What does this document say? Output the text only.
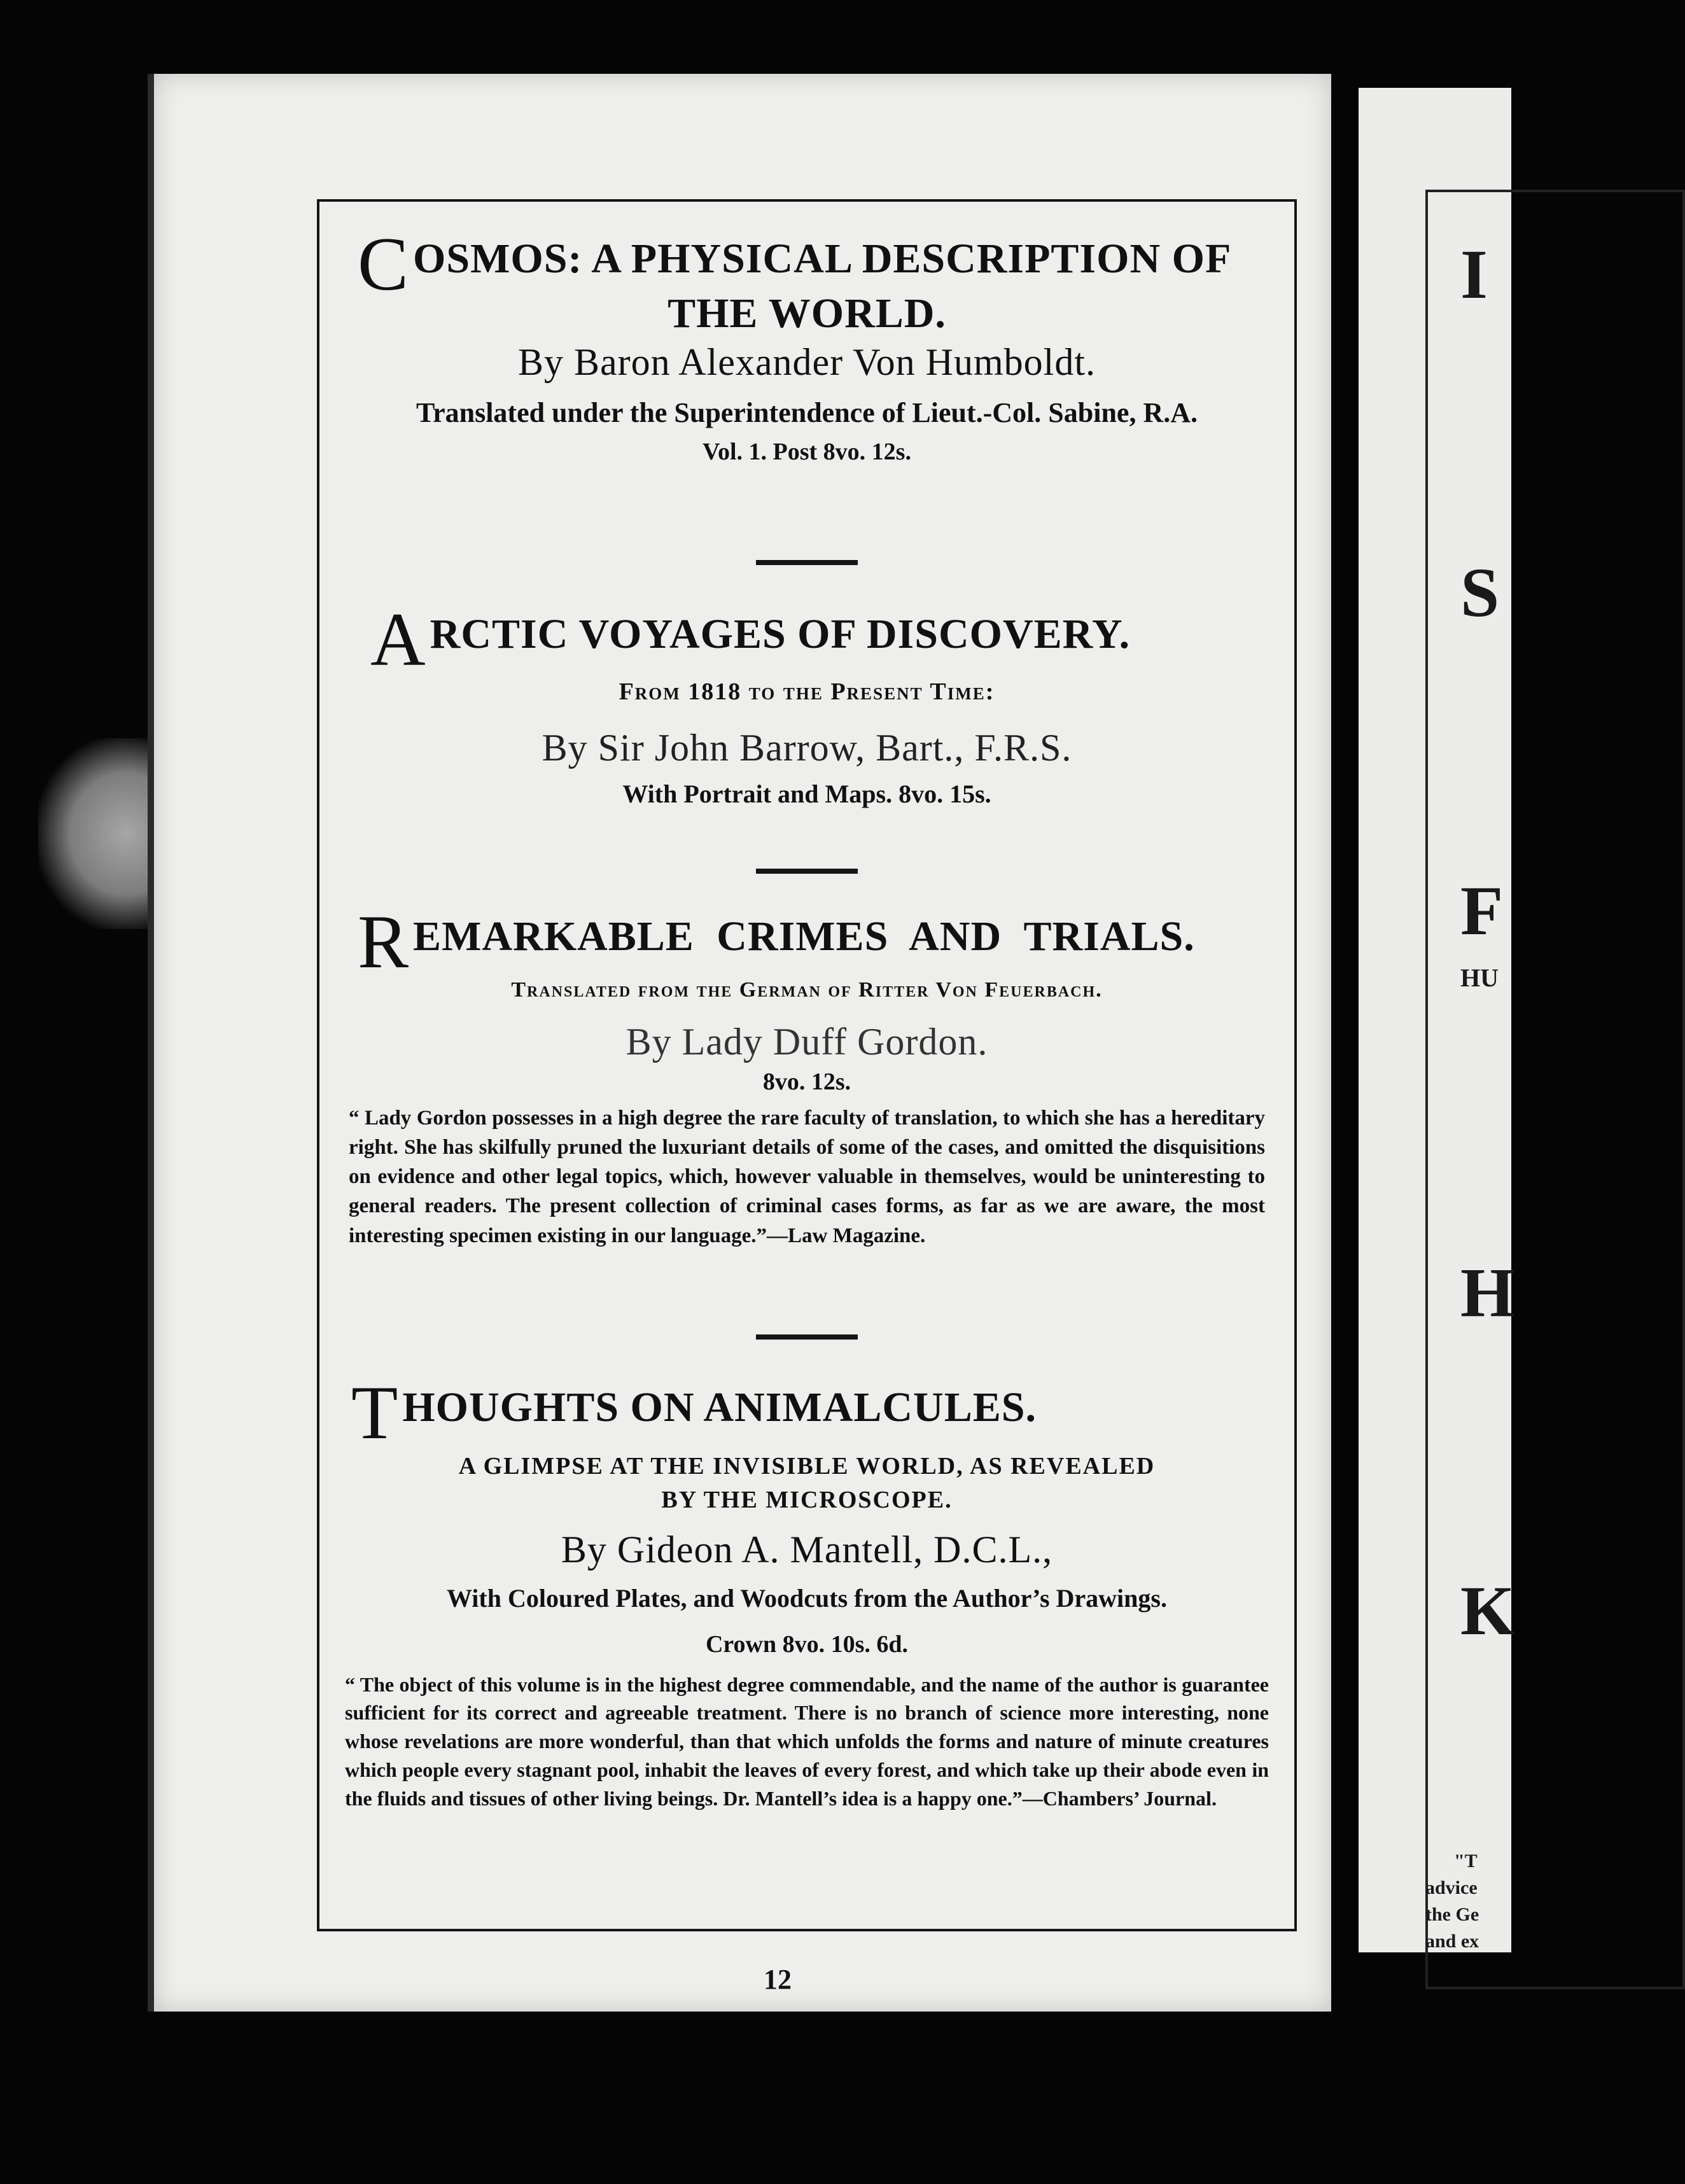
I
S
F
HU
H
K
"T
advice
the Ge
and ex
COSMOS: A PHYSICAL DESCRIPTION OF
THE WORLD.
By Baron Alexander Von Humboldt.
Translated under the Superintendence of Lieut.-Col. Sabine, R.A.
Vol. 1. Post 8vo. 12s.
ARCTIC VOYAGES OF DISCOVERY.
From 1818 to the Present Time:
By Sir John Barrow, Bart., F.R.S.
With Portrait and Maps. 8vo. 15s.
REMARKABLE CRIMES AND TRIALS.
Translated from the German of Ritter Von Feuerbach.
By Lady Duff Gordon.
8vo. 12s.
“ Lady Gordon possesses in a high degree the rare faculty of translation, to which she has a hereditary right. She has skilfully pruned the luxuriant details of some of the cases, and omitted the disquisitions on evidence and other legal topics, which, however valuable in themselves, would be uninteresting to general readers. The present collection of criminal cases forms, as far as we are aware, the most interesting specimen existing in our language.”—Law Magazine.
THOUGHTS ON ANIMALCULES.
A GLIMPSE AT THE INVISIBLE WORLD, AS REVEALED
BY THE MICROSCOPE.
By Gideon A. Mantell, D.C.L.,
With Coloured Plates, and Woodcuts from the Author’s Drawings.
Crown 8vo. 10s. 6d.
“ The object of this volume is in the highest degree commendable, and the name of the author is guarantee sufficient for its correct and agreeable treatment. There is no branch of science more interesting, none whose revelations are more wonderful, than that which unfolds the forms and nature of minute creatures which people every stagnant pool, inhabit the leaves of every forest, and which take up their abode even in the fluids and tissues of other living beings. Dr. Mantell’s idea is a happy one.”—Chambers’ Journal.
12
